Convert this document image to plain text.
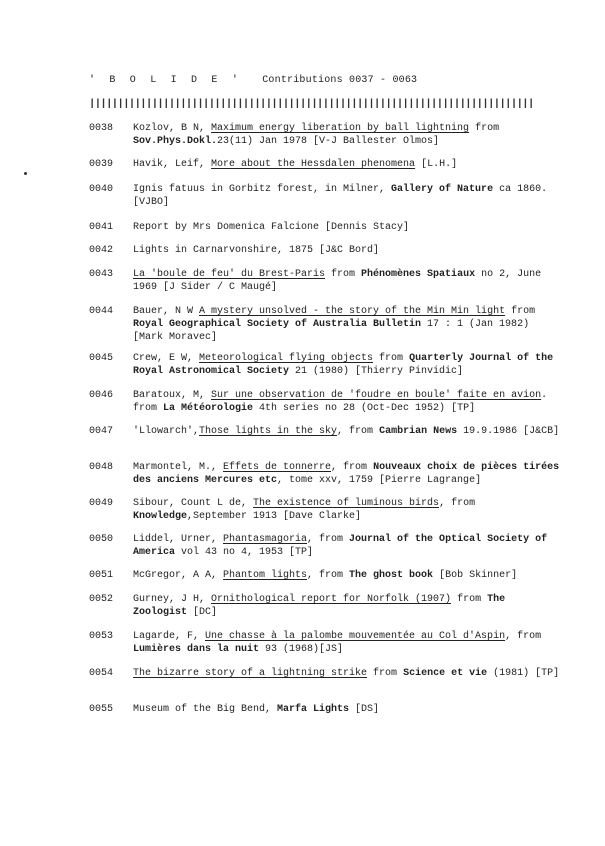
' B O L I D E ' Contributions 0037 - 0063
||||||||||||||||||||||||||||||||||||||||||||||||||||||||||||||||||||||||||||||
0038	Kozlov, B N, Maximum energy liberation by ball lightning from
Sov.Phys.Dokl.23(11) Jan 1978 [V-J Ballester Olmos]
0039	Havik, Leif, More about the Hessdalen phenomena [L.H.]
0040	Ignis fatuus in Gorbitz forest, in Milner, Gallery of Nature ca 1860. [VJBO]
0041	Report by Mrs Domenica Falcione [Dennis Stacy]
0042	Lights in Carnarvonshire, 1875 [J&C Bord]
0043	La 'boule de feu' du Brest-Paris from Phénomènes Spatiaux no 2, June 1969 [J Sider / C Maugé]
0044	Bauer, N W A mystery unsolved - the story of the Min Min light from
Royal Geographical Society of Australia Bulletin 17 : 1 (Jan 1982) [Mark Moravec]
0045	Crew, E W, Meteorological flying objects from Quarterly Journal of the Royal Astronomical Society 21 (1980) [Thierry Pinvidic]
0046	Baratoux, M, Sur une observation de 'foudre en boule' faite en avion. from La Météorologie 4th series no 28 (Oct-Dec 1952) [TP]
0047	'Llowarch',Those lights in the sky, from Cambrian News 19.9.1986 [J&CB]
0048	Marmontel, M., Effets de tonnerre, from Nouveaux choix de pièces tirées des anciens Mercures etc, tome xxv, 1759 [Pierre Lagrange]
0049	Sibour, Count L de, The existence of luminous birds, from
Knowledge,September 1913 [Dave Clarke]
0050	Liddel, Urner, Phantasmagoria, from Journal of the Optical Society of America vol 43 no 4, 1953 [TP]
0051	McGregor, A A, Phantom lights, from The ghost book [Bob Skinner]
0052	Gurney, J H, Ornithological report for Norfolk (1907) from The Zoologist [DC]
0053	Lagarde, F, Une chasse à la palombe mouvementée au Col d'Aspin, from Lumières dans la nuit 93 (1968)[JS]
0054	The bizarre story of a lightning strike from Science et vie (1981) [TP]
0055	Museum of the Big Bend, Marfa Lights [DS]
